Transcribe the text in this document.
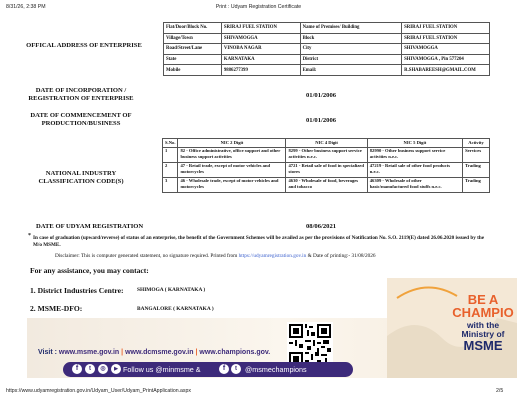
8/31/26, 2:38 PM	Print : Udyam Registration Certificate
OFFICAL ADDRESS OF ENTERPRISE
Flat/Door/Block No.	SRIRAJ FUEL STATION	Name of Premises/ Building	SRIRAJ FUEL STATION
Village/Town	SHIVAMOGGA	Block	SRIRAJ FUEL STATION
Road/Street/Lane	VINOBA NAGAR	City	SHIVAMOGGA
State	KARNATAKA	District	SHIVAMOGGA , Pin 577204
Mobile	9886277399	Email:	R.SHABAREESH@GMAIL.COM
DATE OF INCORPORATION /
REGISTRATION OF ENTERPRISE	01/01/2006
DATE OF COMMENCEMENT OF
PRODUCTION/BUSINESS	01/01/2006
NATIONAL INDUSTRY
CLASSIFICATION CODE(S)
S.No.	NIC 2 Digit	NIC 4 Digit	NIC 5 Digit	Activity
1	82 - Office administrative, office support and other business support activities	8299 - Other business support service activities n.e.c.	82990 - Other business support service activities n.e.c.	Services
2	47 - Retail trade, except of motor vehicles and motorcycles	4721 - Retail sale of food in specialized stores	47219 - Retail sale of other food products n.e.c.	Trading
3	46 - Wholesale trade, except of motor vehicles and motorcycles	4630 - Wholesale of food, beverages and tobacco	46309 - Wholesale of other basic/manufactured food stuffs n.e.c.	Trading
DATE OF UDYAM REGISTRATION	08/06/2021
* In case of graduation (upward/reverse) of status of an enterprise, the benefit of the Government Schemes will be availed as per the provisions of Notification No. S.O. 2119(E) dated 26.06.2020 issued by the M/o MSME.
Disclaimer: This is computer generated statement, no signature required. Printed from https://udyamregistration.gov.in & Date of printing:- 31/08/2026
For any assistance, you may contact:
1. District Industries Centre: SHIMOGA ( KARNATAKA )
2. MSME-DFO:	BANGALORE ( KARNATAKA )
BE A
CHAMPIO
with the
Ministry of
MSME
Visit : www.msme.gov.in | www.dcmsme.gov.in | www.champions.gov.
f	t	◎	▶ Follow us @minmsme &	f	t	@msmechampions
https://www.udyamregistration.gov.in/Udyam_User/Udyam_PrintApplication.aspx	2/5
